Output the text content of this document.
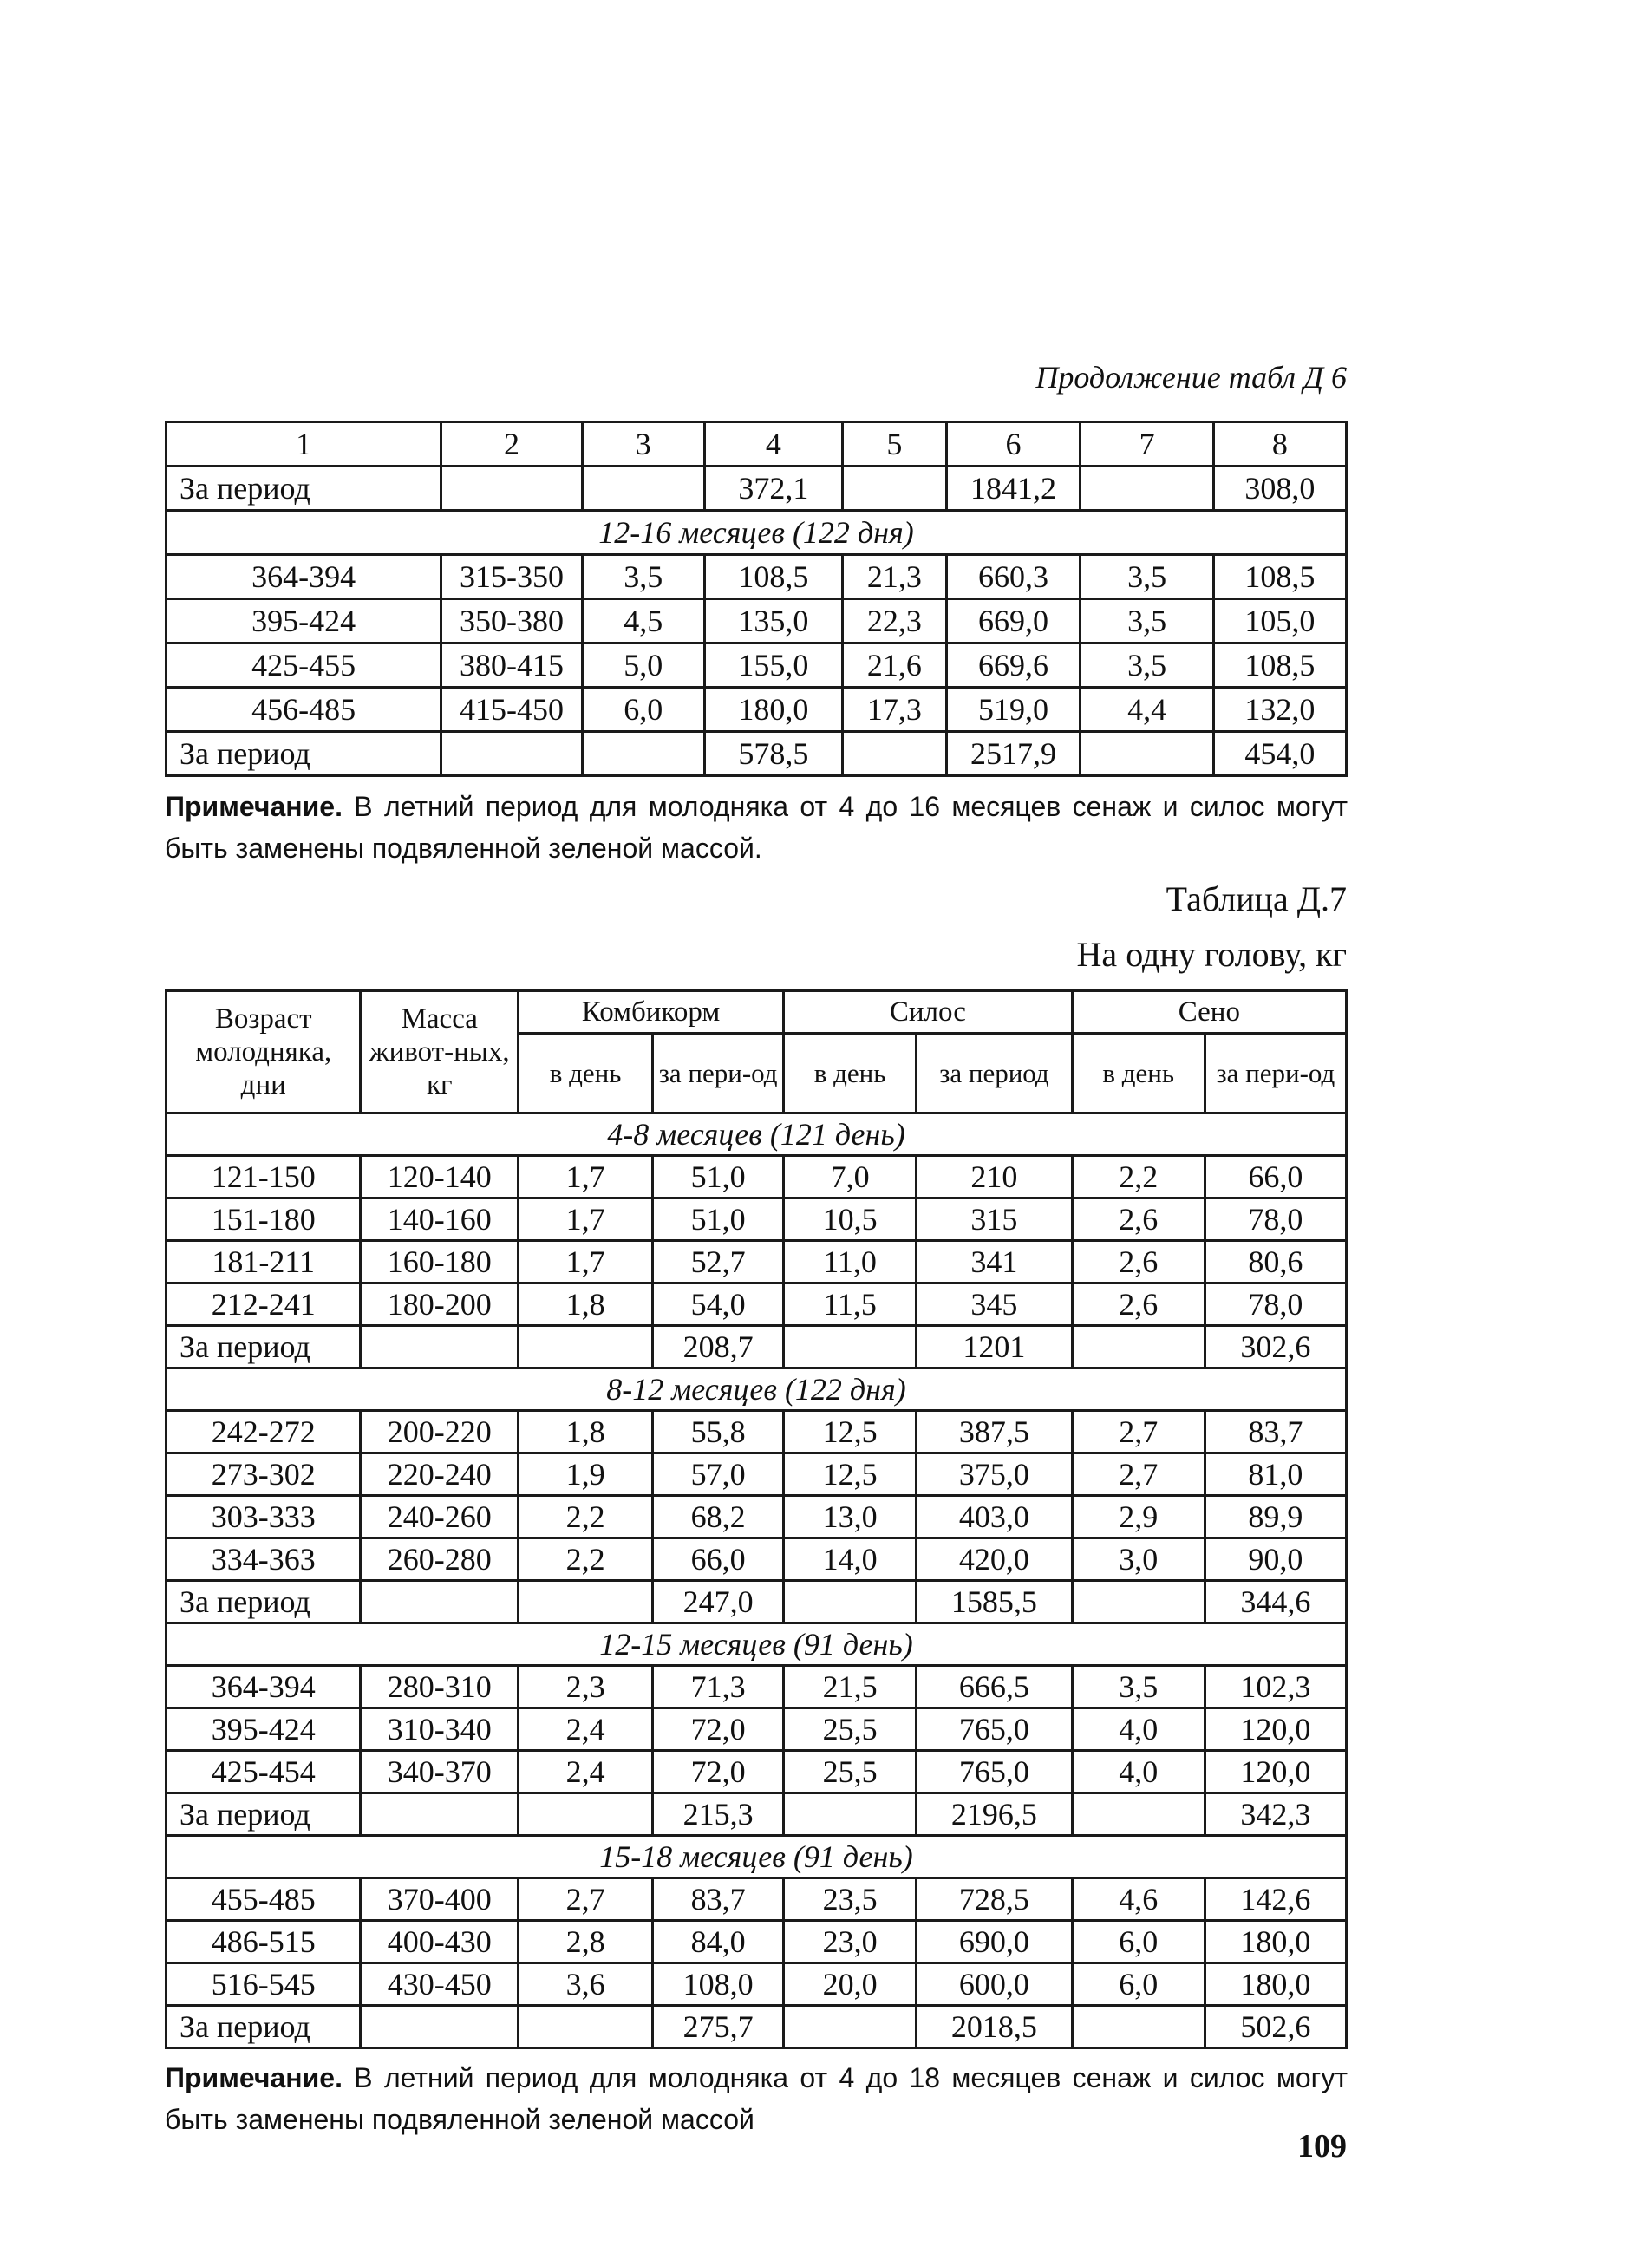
Продолжение табл Д 6
1	2	3	4	5	6	7	8
За период			372,1		1841,2		308,0
12-16 месяцев (122 дня)							
364-394	315-350	3,5	108,5	21,3	660,3	3,5	108,5
395-424	350-380	4,5	135,0	22,3	669,0	3,5	105,0
425-455	380-415	5,0	155,0	21,6	669,6	3,5	108,5
456-485	415-450	6,0	180,0	17,3	519,0	4,4	132,0
За период			578,5		2517,9		454,0
Примечание. В летний период для молодняка от 4 до 16 месяцев сенаж и силос могут быть заменены подвяленной зеленой массой.
Таблица Д.7
На одну голову, кг
Возраст молодняка, дни	Масса живот-ных, кг	Комбикорм		Силос		Сено	
		в день	за пери-од	в день	за период	в день	за пери-од
4-8 месяцев (121 день)							
121-150	120-140	1,7	51,0	7,0	210	2,2	66,0
151-180	140-160	1,7	51,0	10,5	315	2,6	78,0
181-211	160-180	1,7	52,7	11,0	341	2,6	80,6
212-241	180-200	1,8	54,0	11,5	345	2,6	78,0
За период			208,7		1201		302,6
8-12 месяцев (122 дня)							
242-272	200-220	1,8	55,8	12,5	387,5	2,7	83,7
273-302	220-240	1,9	57,0	12,5	375,0	2,7	81,0
303-333	240-260	2,2	68,2	13,0	403,0	2,9	89,9
334-363	260-280	2,2	66,0	14,0	420,0	3,0	90,0
За период			247,0		1585,5		344,6
12-15 месяцев (91 день)							
364-394	280-310	2,3	71,3	21,5	666,5	3,5	102,3
395-424	310-340	2,4	72,0	25,5	765,0	4,0	120,0
425-454	340-370	2,4	72,0	25,5	765,0	4,0	120,0
За период			215,3		2196,5		342,3
15-18 месяцев (91 день)							
455-485	370-400	2,7	83,7	23,5	728,5	4,6	142,6
486-515	400-430	2,8	84,0	23,0	690,0	6,0	180,0
516-545	430-450	3,6	108,0	20,0	600,0	6,0	180,0
За период			275,7		2018,5		502,6
Примечание. В летний период для молодняка от 4 до 18 месяцев сенаж и силос могут быть заменены подвяленной зеленой массой
109
